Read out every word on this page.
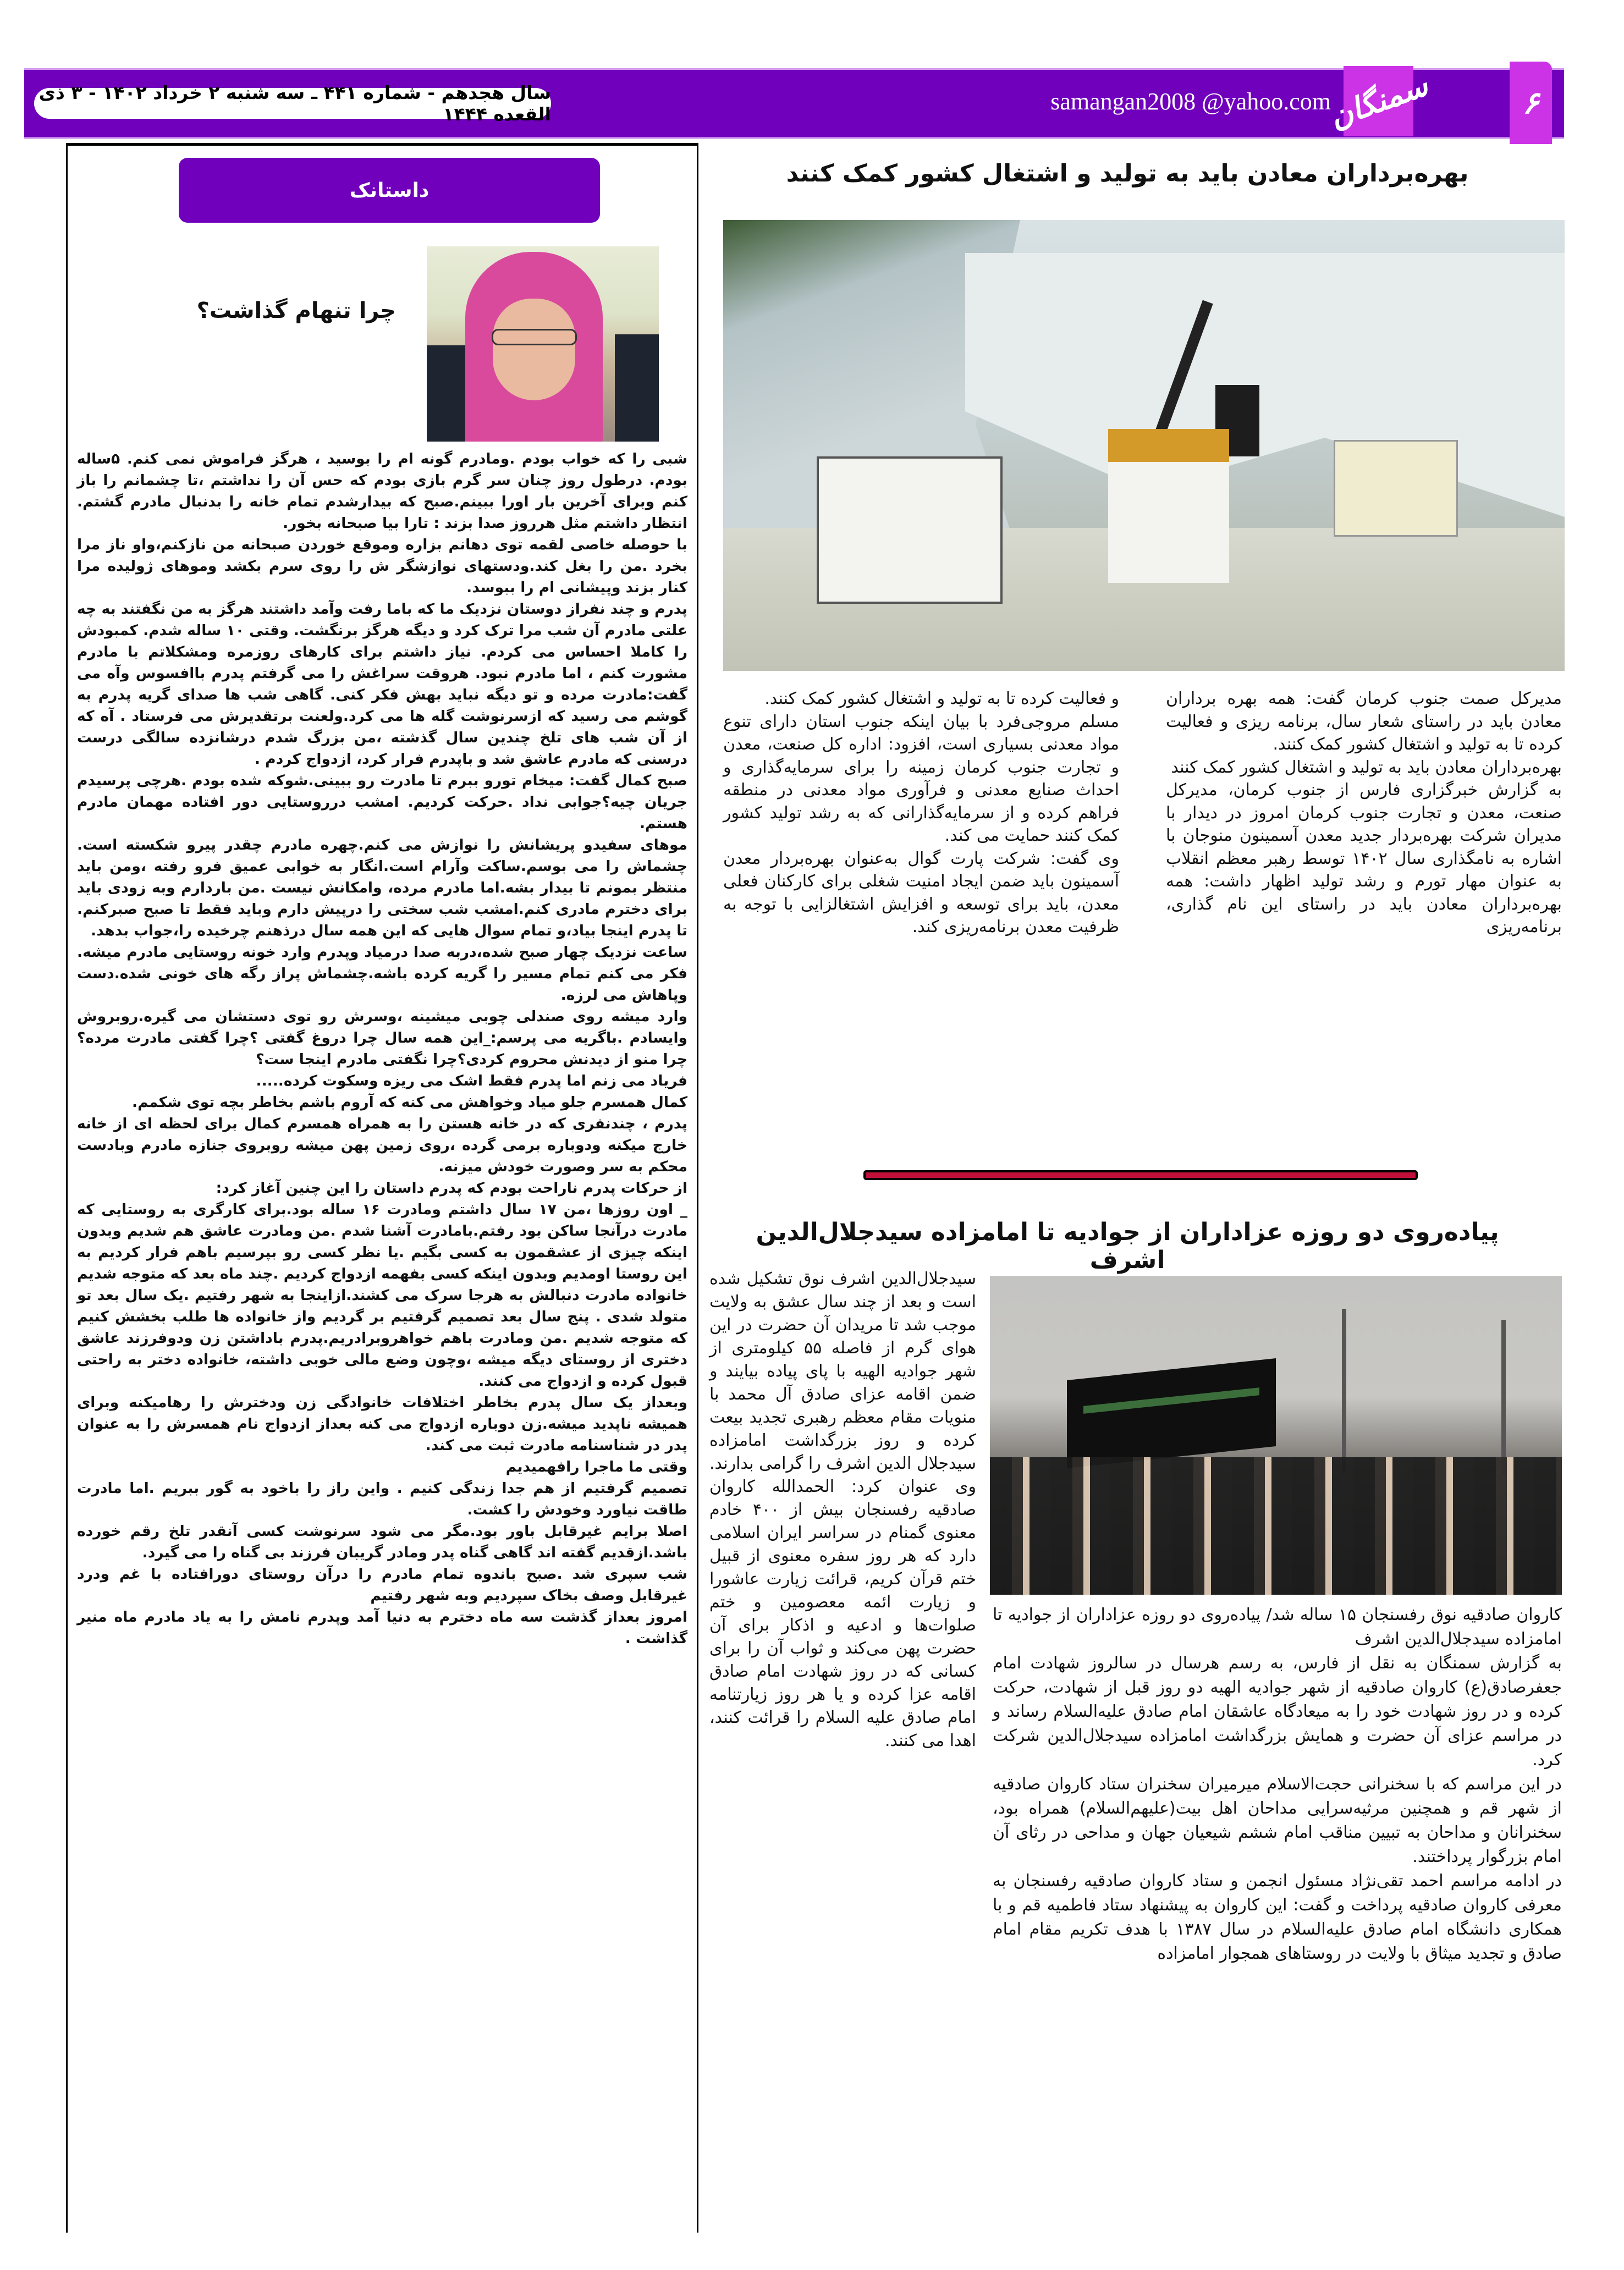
سال هجدهم - شماره ۴۴۱ ـ سه شنبه ۲ خرداد ۱۴۰۲ - ۳ ذی القعده ۱۴۴۴	samangan2008 @yahoo.com
سمنگان	۶
داستانک
چرا تنهام گذاشت؟

شبی را که خواب بودم .ومادرم گونه ام را بوسید ، هرگز فراموش نمی کنم. ۵ساله بودم. درطول روز چنان سر گرم بازی بودم که حس آن را نداشتم ،تا چشمانم را باز کنم وبرای آخرین بار اورا ببینم.صبح که بیدارشدم تمام خانه را بدنبال مادرم گشتم. انتظار داشتم مثل هرروز صدا بزند : تارا بیا صبحانه بخور.

با حوصله خاصی لقمه توی دهانم بزاره وموقع خوردن صبحانه من نازکنم،واو ناز مرا بخرد .من را بغل کند.ودستهای نوازشگر ش را روی سرم بکشد وموهای ژولیده مرا کنار بزند وپیشانی ام را ببوسد.

پدرم و چند نفراز دوستان نزدیک ما که باما رفت وآمد داشتند هرگز به من نگفتند به چه علتی مادرم آن شب مرا ترک کرد و دیگه هرگز برنگشت. وقتی ۱۰ ساله شدم. کمبودش را کاملا احساس می کردم. نیاز داشتم برای کارهای روزمره ومشکلاتم با مادرم مشورت کنم ، اما مادرم نبود. هروقت سراغش را می گرفتم پدرم باافسوس وآه می گفت:مادرت مرده و تو دیگه نباید بهش فکر کنی. گاهی شب ها صدای گریه پدرم به گوشم می رسید که ازسرنوشت گله ها می کرد.ولعنت برتقدیرش می فرستاد . آه که از آن شب های تلخ چندین سال گذشته ،من بزرگ شدم درشانزده سالگی درست درسنی که مادرم عاشق شد و باپدرم فرار کرد، ازدواج کردم .

صبح کمال گفت: میخام تورو ببرم تا مادرت رو ببینی.شوکه شده بودم .هرچی پرسیدم جریان چیه؟جوابی نداد .حرکت کردیم. امشب درروستایی دور افتاده مهمان مادرم هستم.

موهای سفیدو پریشانش را نوازش می کنم.چهره مادرم چقدر پیرو شکسته است. چشماش را می بوسم.ساکت وآرام است.انگار به خوابی عمیق فرو رفته ،ومن باید منتظر بمونم تا بیدار بشه.اما مادرم مرده، وامکانش نیست .من باردارم وبه زودی باید برای دخترم مادری کنم.امشب شب سختی را درپیش دارم وباید فقط تا صبح صبرکنم. تا پدرم اینجا بیاد،و تمام سوال هایی که این همه سال درذهنم چرخیده را،جواب بدهد.

ساعت نزدیک چهار صبح شده،دربه صدا درمیاد وپدرم وارد خونه روستایی مادرم میشه. فکر می کنم تمام مسیر را گریه کرده باشه.چشماش پراز رگه های خونی شده.دست وپاهاش می لرزه.

وارد میشه روی صندلی چوبی میشینه ،وسرش رو توی دستشان می گیره.روبروش وایسادم .باگریه می پرسم:_این همه سال چرا دروغ گفتی ؟چرا گفتی مادرت مرده؟ چرا منو از دیدنش محروم کردی؟چرا نگفتی مادرم اینجا ست؟

فریاد می زنم اما پدرم فقط اشک می ریزه وسکوت کرده.....

کمال همسرم جلو میاد وخواهش می کنه که آروم باشم بخاطر بچه توی شکمم.

پدرم ، چندنفری که در خانه هستن را به همراه همسرم کمال برای لحظه ای از خانه خارج میکنه ودوباره برمی گرده ،روی زمین پهن میشه روبروی جنازه مادرم وبادست محکم به سر وصورت خودش میزنه.

از حرکات پدرم ناراحت بودم که پدرم داستان را این چنین آغاز کرد:

_ اون روزها ،من ۱۷ سال داشتم ومادرت ۱۶ ساله بود.برای کارگری به روستایی که مادرت درآنجا ساکن بود رفتم.بامادرت آشنا شدم .من ومادرت عاشق هم شدیم وبدون اینکه چیزی از عشقمون به کسی بگیم .یا نظر کسی رو بپرسیم باهم فرار کردیم به این روستا اومدیم وبدون اینکه کسی بفهمه ازدواج کردیم .چند ماه بعد که متوجه شدیم خانواده مادرت دنبالش به هرجا سرک می کشند.ازاینجا به شهر رفتیم .یک سال بعد تو متولد شدی . پنج سال بعد تصمیم گرفتیم بر گردیم واز خانواده ها طلب بخشش کنیم که متوجه شدیم .من ومادرت باهم خواهروبرادریم.پدرم باداشتن زن ودوفرزند عاشق دختری از روستای دیگه میشه ،وچون وضع مالی خوبی داشته، خانواده دختر به راحتی قبول کرده و ازدواج می کنند.

وبعداز یک سال پدرم بخاطر اختلافات خانوادگی زن ودخترش را رهامیکنه وبرای همیشه ناپدید میشه.زن دوباره ازدواج می کنه بعداز ازدواج نام همسرش را به عنوان پدر در شناسنامه مادرت ثبت می کند.

وقتی ما ماجرا رافهمیدیم

تصمیم گرفتیم از هم جدا زندگی کنیم . واین راز را باخود به گور ببریم .اما مادرت طاقت نیاورد وخودش را کشت.

اصلا برایم غیرقابل باور بود.مگر می شود سرنوشت کسی آنقدر تلخ رقم خورده باشد.ازقدیم گفته اند گاهی گناه پدر ومادر گریبان فرزند بی گناه را می گیرد.

شب سپری شد .صبح باندوه تمام مادرم را درآن روستای دورافتاده با غم ودرد غیرقابل وصف بخاک سپردیم وبه شهر رفتیم

امروز بعداز گذشت سه ماه دخترم به دنیا آمد وپدرم نامش را به یاد مادرم ماه منیر گذاشت .

بهره‌برداران معادن باید به تولید و اشتغال کشور کمک کنند

مدیرکل صمت جنوب کرمان گفت: همه بهره برداران معادن باید در راستای شعار سال، برنامه ریزی و فعالیت کرده تا به تولید و اشتغال کشور کمک کنند.

بهره‌برداران معادن باید به تولید و اشتغال کشور کمک کنند

به گزارش خبرگزاری فارس از جنوب کرمان، مدیرکل صنعت، معدن و تجارت جنوب کرمان امروز در دیدار با مدیران شرکت بهره‌بردار جدید معدن آسمینون منوجان با اشاره به نامگذاری سال ۱۴۰۲ توسط رهبر معظم انقلاب به عنوان مهار تورم و رشد تولید اظهار داشت: همه بهره‌برداران معادن باید در راستای این نام گذاری، برنامه‌ریزی

و فعالیت کرده تا به تولید و اشتغال کشور کمک کنند.

مسلم مروجی‌فرد با بیان اینکه جنوب استان دارای تنوع مواد معدنی بسیاری است، افزود: اداره کل صنعت، معدن و تجارت جنوب کرمان زمینه را برای سرمایه‌گذاری و احداث صنایع معدنی و فرآوری مواد معدنی در منطقه فراهم کرده و از سرمایه‌گذارانی که به رشد تولید کشور کمک کنند حمایت می کند.

وی گفت: شرکت پارت گوال به‌عنوان بهره‌بردار معدن آسمینون باید ضمن ایجاد امنیت شغلی برای کارکنان فعلی معدن، باید برای توسعه و افزایش اشتغالزایی با توجه به ظرفیت معدن برنامه‌ریزی کند.

پیاده‌روی دو روزه عزاداران از جوادیه تا امامزاده سیدجلال‌الدین اشرف

کاروان صادقیه نوق رفسنجان ۱۵ ساله شد/ پیاده‌روی دو روزه عزاداران از جوادیه تا امامزاده سیدجلال‌الدین اشرف

به گزارش سمنگان به نقل از فارس، به رسم هرسال در سالروز شهادت امام جعفرصادق(ع) کاروان صادقیه از شهر جوادیه الهیه دو روز قبل از شهادت، حرکت کرده و در روز شهادت خود را به میعادگاه عاشقان امام صادق علیه‌السلام رساند و در مراسم عزای آن حضرت و همایش بزرگداشت امامزاده سیدجلال‌الدین شرکت کرد.

در این مراسم که با سخنرانی حجت‌الاسلام میرمیران سخنران ستاد کاروان صادقیه از شهر قم و همچنین مرثیه‌سرایی مداحان اهل بیت(علیهم‌السلام) همراه بود، سخنرانان و مداحان به تبیین مناقب امام ششم شیعیان جهان و مداحی در رثای آن امام بزرگوار پرداختند.

در ادامه مراسم احمد تقی‌نژاد مسئول انجمن و ستاد کاروان صادقیه رفسنجان به معرفی کاروان صادقیه پرداخت و گفت: این کاروان به پیشنهاد ستاد فاطمیه قم و با همکاری دانشگاه امام صادق علیه‌السلام در سال ۱۳۸۷ با هدف تکریم مقام امام صادق و تجدید میثاق با ولایت در روستاهای همجوار امامزاده

سیدجلال‌الدین اشرف نوق تشکیل شده است و بعد از چند سال عشق به ولایت موجب شد تا مریدان آن حضرت در این هوای گرم از فاصله ۵۵ کیلومتری از شهر جوادیه الهیه با پای پیاده بیایند و ضمن اقامه عزای صادق آل محمد با منویات مقام معظم رهبری تجدید بیعت کرده و روز بزرگداشت امامزاده سیدجلال الدین اشرف را گرامی بدارند.

وی عنوان کرد: الحمدالله کاروان صادقیه رفسنجان بیش از ۴۰۰ خادم معنوی گمنام در سراسر ایران اسلامی دارد که هر روز سفره معنوی از قبیل ختم قرآن کریم، قرائت زیارت عاشورا و زیارت ائمه معصومین و ختم صلوات‌ها و ادعیه و اذکار برای آن حضرت پهن می‌کند و ثواب آن را برای کسانی که در روز شهادت امام صادق اقامه عزا کرده و یا هر روز زیارتنامه امام صادق علیه السلام را قرائت کنند، اهدا می کنند.
